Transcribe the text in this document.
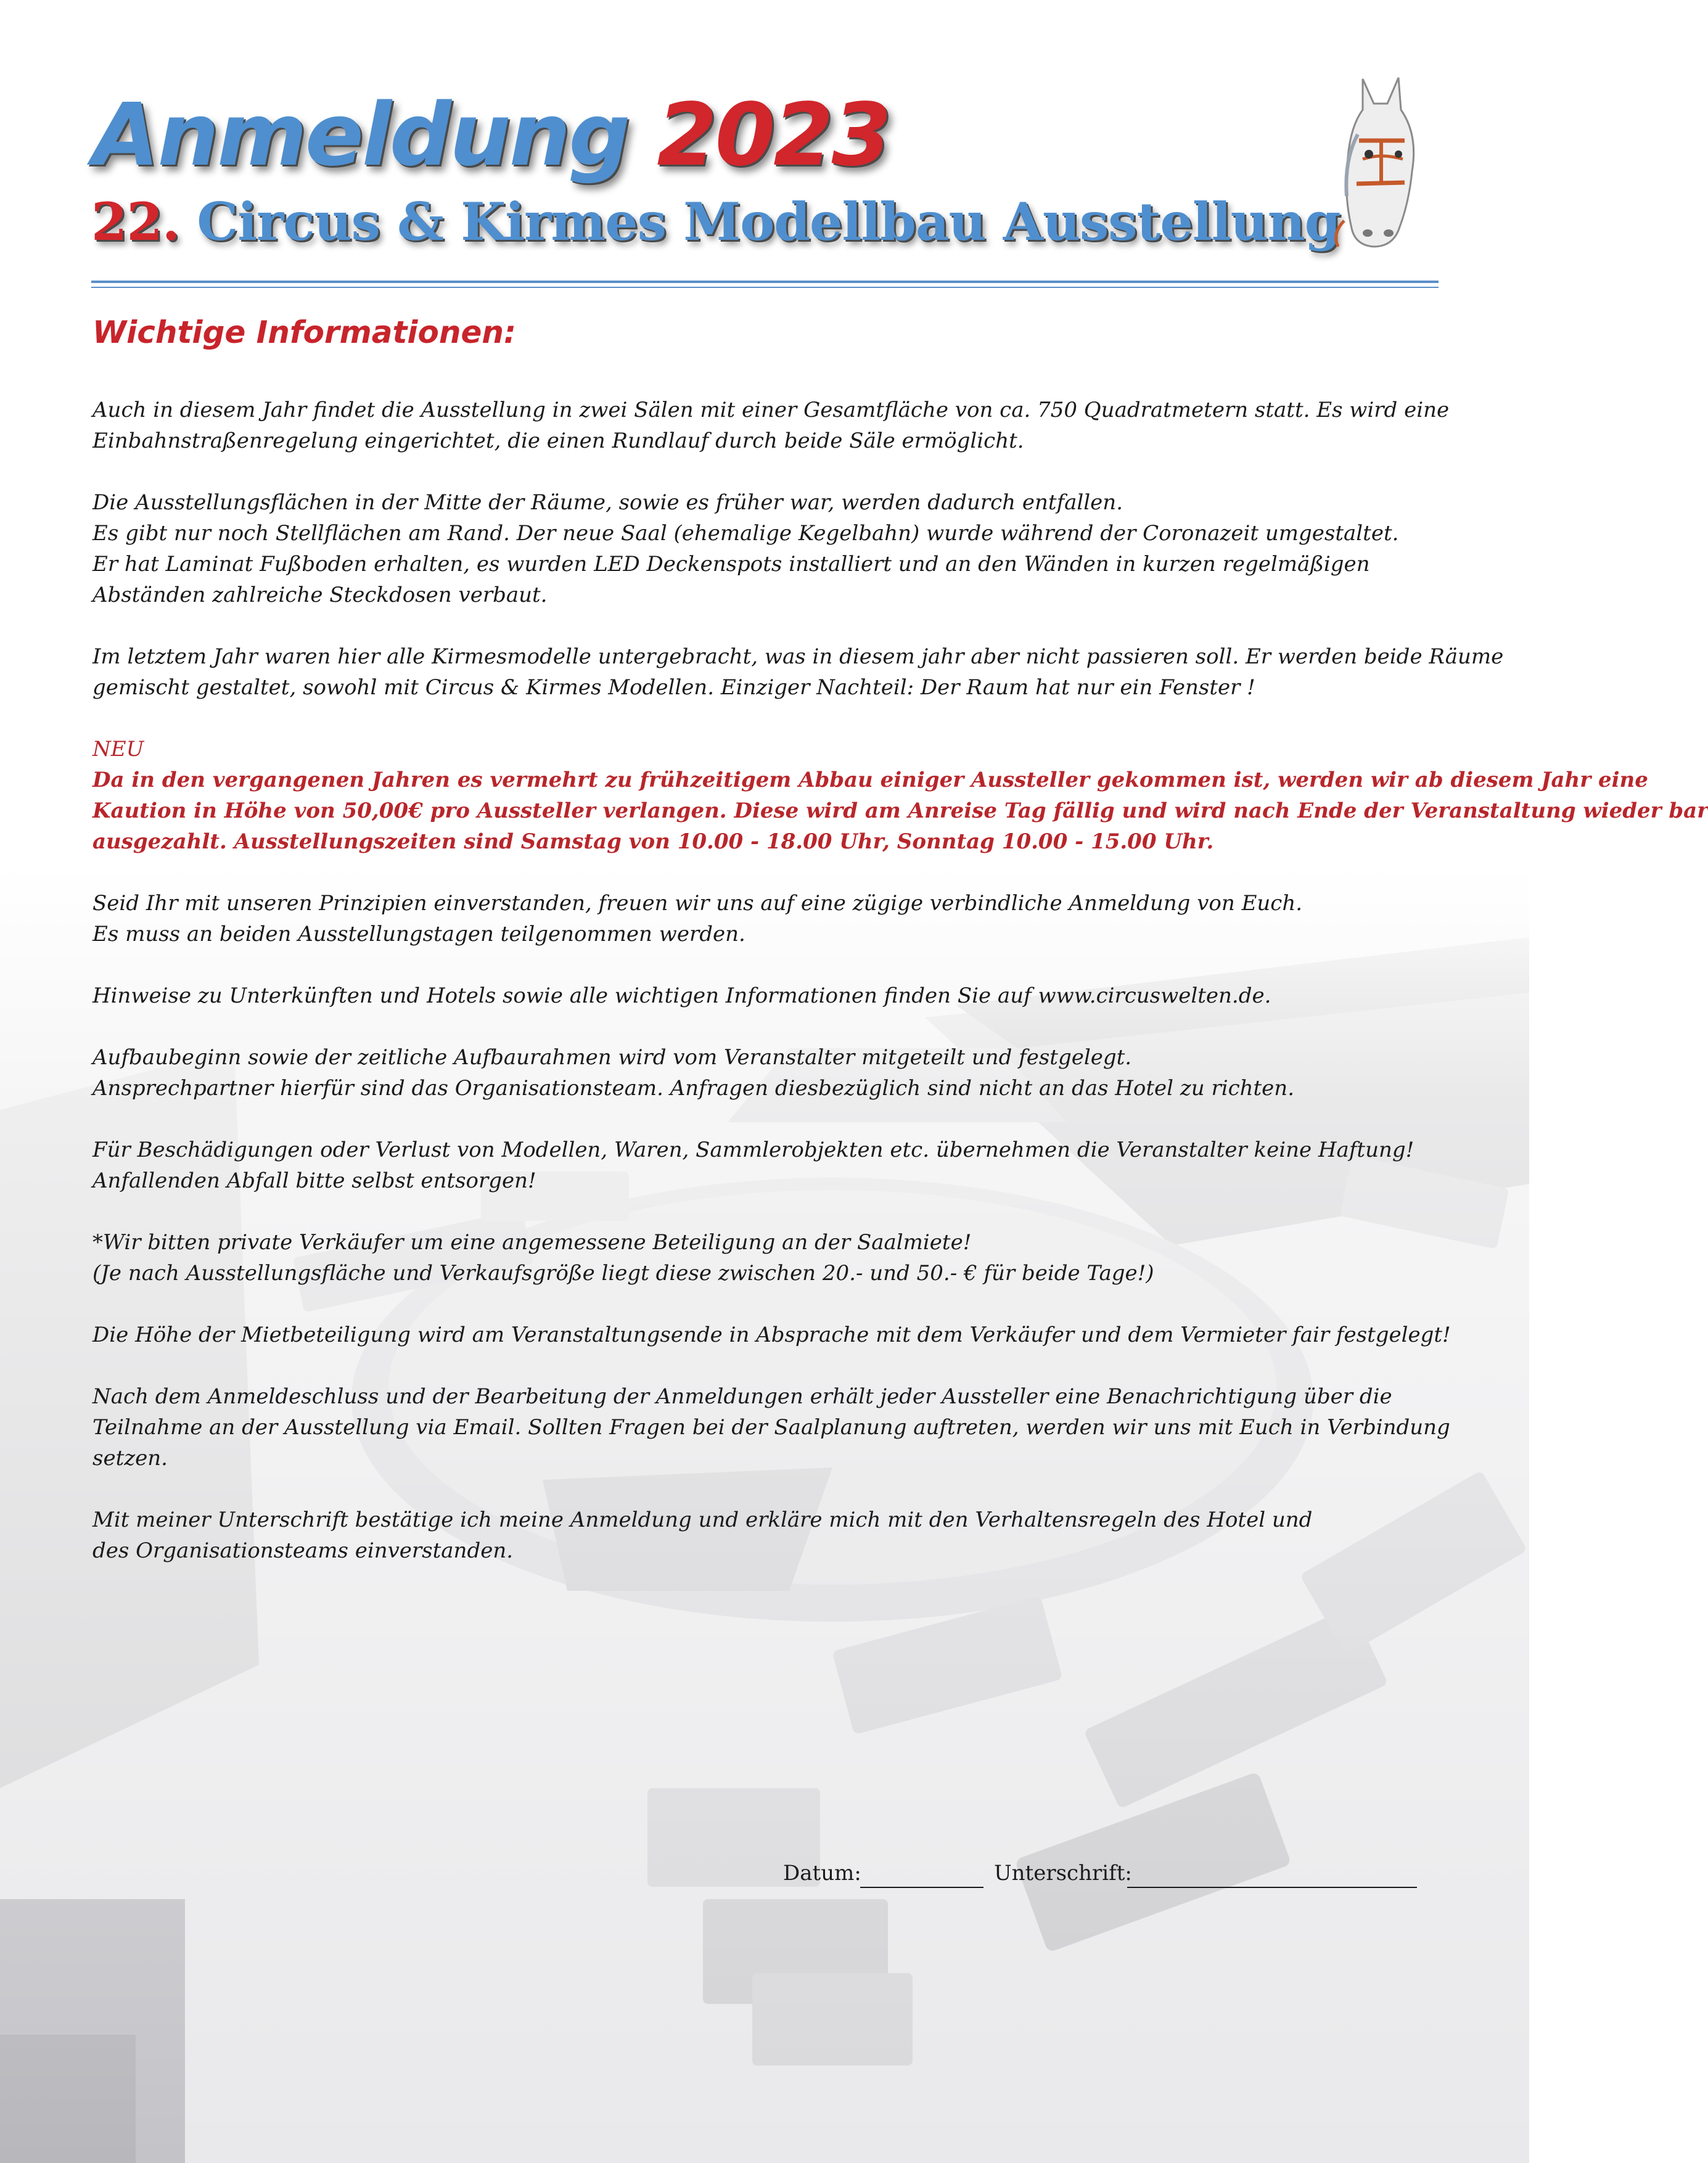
Anmeldung 2023
22. Circus & Kirmes Modellbau Ausstellung
Wichtige Informationen:

Auch in diesem Jahr findet die Ausstellung in zwei Sälen mit einer Gesamtfläche von ca. 750 Quadratmetern statt. Es wird eine
Einbahnstraßenregelung eingerichtet, die einen Rundlauf durch beide Säle ermöglicht.

Die Ausstellungsflächen in der Mitte der Räume, sowie es früher war, werden dadurch entfallen.
Es gibt nur noch Stellflächen am Rand. Der neue Saal (ehemalige Kegelbahn) wurde während der Coronazeit umgestaltet.
Er hat Laminat Fußboden erhalten, es wurden LED Deckenspots installiert und an den Wänden in kurzen regelmäßigen
Abständen zahlreiche Steckdosen verbaut.

Im letztem Jahr waren hier alle Kirmesmodelle untergebracht, was in diesem jahr aber nicht passieren soll. Er werden beide Räume
gemischt gestaltet, sowohl mit Circus & Kirmes Modellen. Einziger Nachteil: Der Raum hat nur ein Fenster !

NEU
Da in den vergangenen Jahren es vermehrt zu frühzeitigem Abbau einiger Aussteller gekommen ist, werden wir ab diesem Jahr eine
Kaution in Höhe von 50,00€ pro Aussteller verlangen. Diese wird am Anreise Tag fällig und wird nach Ende der Veranstaltung wieder bar
ausgezahlt. Ausstellungszeiten sind Samstag von 10.00 - 18.00 Uhr, Sonntag 10.00 - 15.00 Uhr.

Seid Ihr mit unseren Prinzipien einverstanden, freuen wir uns auf eine zügige verbindliche Anmeldung von Euch.
Es muss an beiden Ausstellungstagen teilgenommen werden.

Hinweise zu Unterkünften und Hotels sowie alle wichtigen Informationen finden Sie auf www.circuswelten.de.

Aufbaubeginn sowie der zeitliche Aufbaurahmen wird vom Veranstalter mitgeteilt und festgelegt.
Ansprechpartner hierfür sind das Organisationsteam. Anfragen diesbezüglich sind nicht an das Hotel zu richten.

Für Beschädigungen oder Verlust von Modellen, Waren, Sammlerobjekten etc. übernehmen die Veranstalter keine Haftung!
Anfallenden Abfall bitte selbst entsorgen!

*Wir bitten private Verkäufer um eine angemessene Beteiligung an der Saalmiete!
(Je nach Ausstellungsfläche und Verkaufsgröße liegt diese zwischen 20.- und 50.- € für beide Tage!)

Die Höhe der Mietbeteiligung wird am Veranstaltungsende in Absprache mit dem Verkäufer und dem Vermieter fair festgelegt!

Nach dem Anmeldeschluss und der Bearbeitung der Anmeldungen erhält jeder Aussteller eine Benachrichtigung über die
Teilnahme an der Ausstellung via Email. Sollten Fragen bei der Saalplanung auftreten, werden wir uns mit Euch in Verbindung
setzen.

Mit meiner Unterschrift bestätige ich meine Anmeldung und erkläre mich mit den Verhaltensregeln des Hotel und
des Organisationsteams einverstanden.

Datum:	Unterschrift:
